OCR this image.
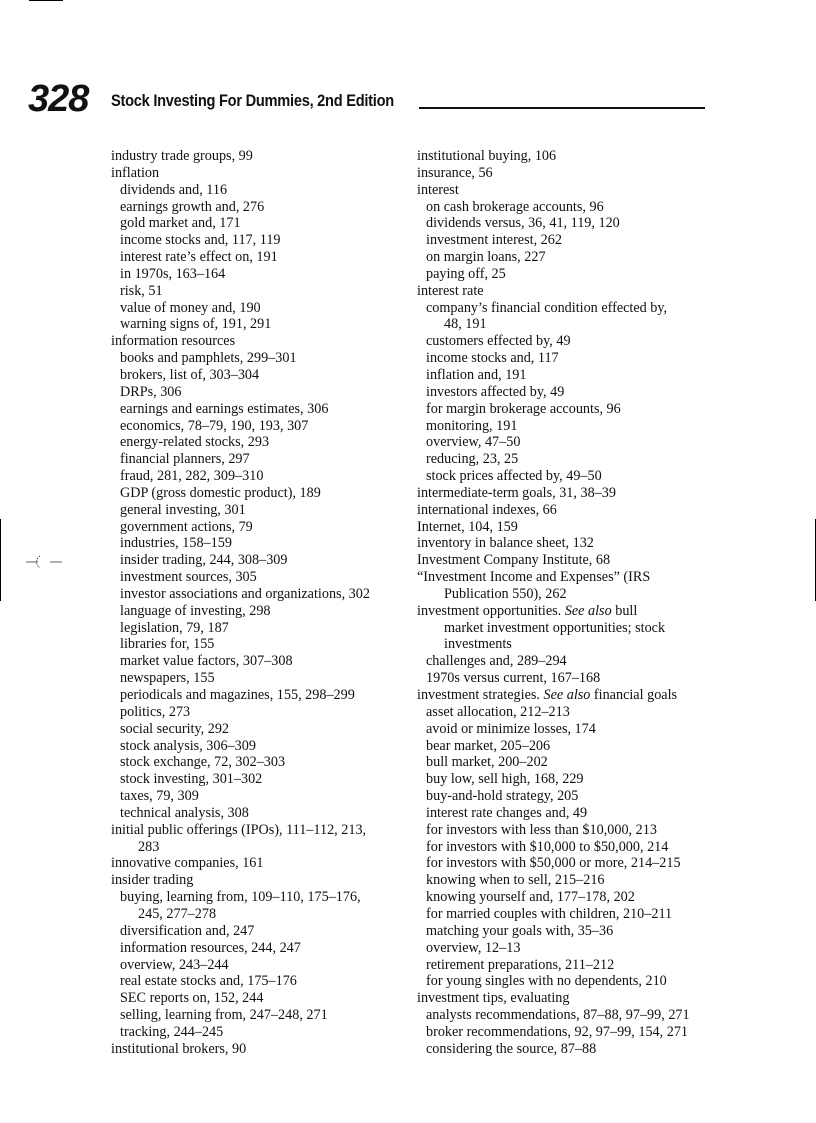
328 Stock Investing For Dummies, 2nd Edition
industry trade groups, 99
inflation
dividends and, 116
earnings growth and, 276
gold market and, 171
income stocks and, 117, 119
interest rate’s effect on, 191
in 1970s, 163–164
risk, 51
value of money and, 190
warning signs of, 191, 291
information resources
books and pamphlets, 299–301
brokers, list of, 303–304
DRPs, 306
earnings and earnings estimates, 306
economics, 78–79, 190, 193, 307
energy-related stocks, 293
financial planners, 297
fraud, 281, 282, 309–310
GDP (gross domestic product), 189
general investing, 301
government actions, 79
industries, 158–159
insider trading, 244, 308–309
investment sources, 305
investor associations and organizations, 302
language of investing, 298
legislation, 79, 187
libraries for, 155
market value factors, 307–308
newspapers, 155
periodicals and magazines, 155, 298–299
politics, 273
social security, 292
stock analysis, 306–309
stock exchange, 72, 302–303
stock investing, 301–302
taxes, 79, 309
technical analysis, 308
initial public offerings (IPOs), 111–112, 213,
283
innovative companies, 161
insider trading
buying, learning from, 109–110, 175–176,
245, 277–278
diversification and, 247
information resources, 244, 247
overview, 243–244
real estate stocks and, 175–176
SEC reports on, 152, 244
selling, learning from, 247–248, 271
tracking, 244–245
institutional brokers, 90
institutional buying, 106
insurance, 56
interest
on cash brokerage accounts, 96
dividends versus, 36, 41, 119, 120
investment interest, 262
on margin loans, 227
paying off, 25
interest rate
company’s financial condition effected by,
48, 191
customers effected by, 49
income stocks and, 117
inflation and, 191
investors affected by, 49
for margin brokerage accounts, 96
monitoring, 191
overview, 47–50
reducing, 23, 25
stock prices affected by, 49–50
intermediate-term goals, 31, 38–39
international indexes, 66
Internet, 104, 159
inventory in balance sheet, 132
Investment Company Institute, 68
“Investment Income and Expenses” (IRS
Publication 550), 262
investment opportunities. See also bull
market investment opportunities; stock
investments
challenges and, 289–294
1970s versus current, 167–168
investment strategies. See also financial goals
asset allocation, 212–213
avoid or minimize losses, 174
bear market, 205–206
bull market, 200–202
buy low, sell high, 168, 229
buy-and-hold strategy, 205
interest rate changes and, 49
for investors with less than $10,000, 213
for investors with $10,000 to $50,000, 214
for investors with $50,000 or more, 214–215
knowing when to sell, 215–216
knowing yourself and, 177–178, 202
for married couples with children, 210–211
matching your goals with, 35–36
overview, 12–13
retirement preparations, 211–212
for young singles with no dependents, 210
investment tips, evaluating
analysts recommendations, 87–88, 97–99, 271
broker recommendations, 92, 97–99, 154, 271
considering the source, 87–88
